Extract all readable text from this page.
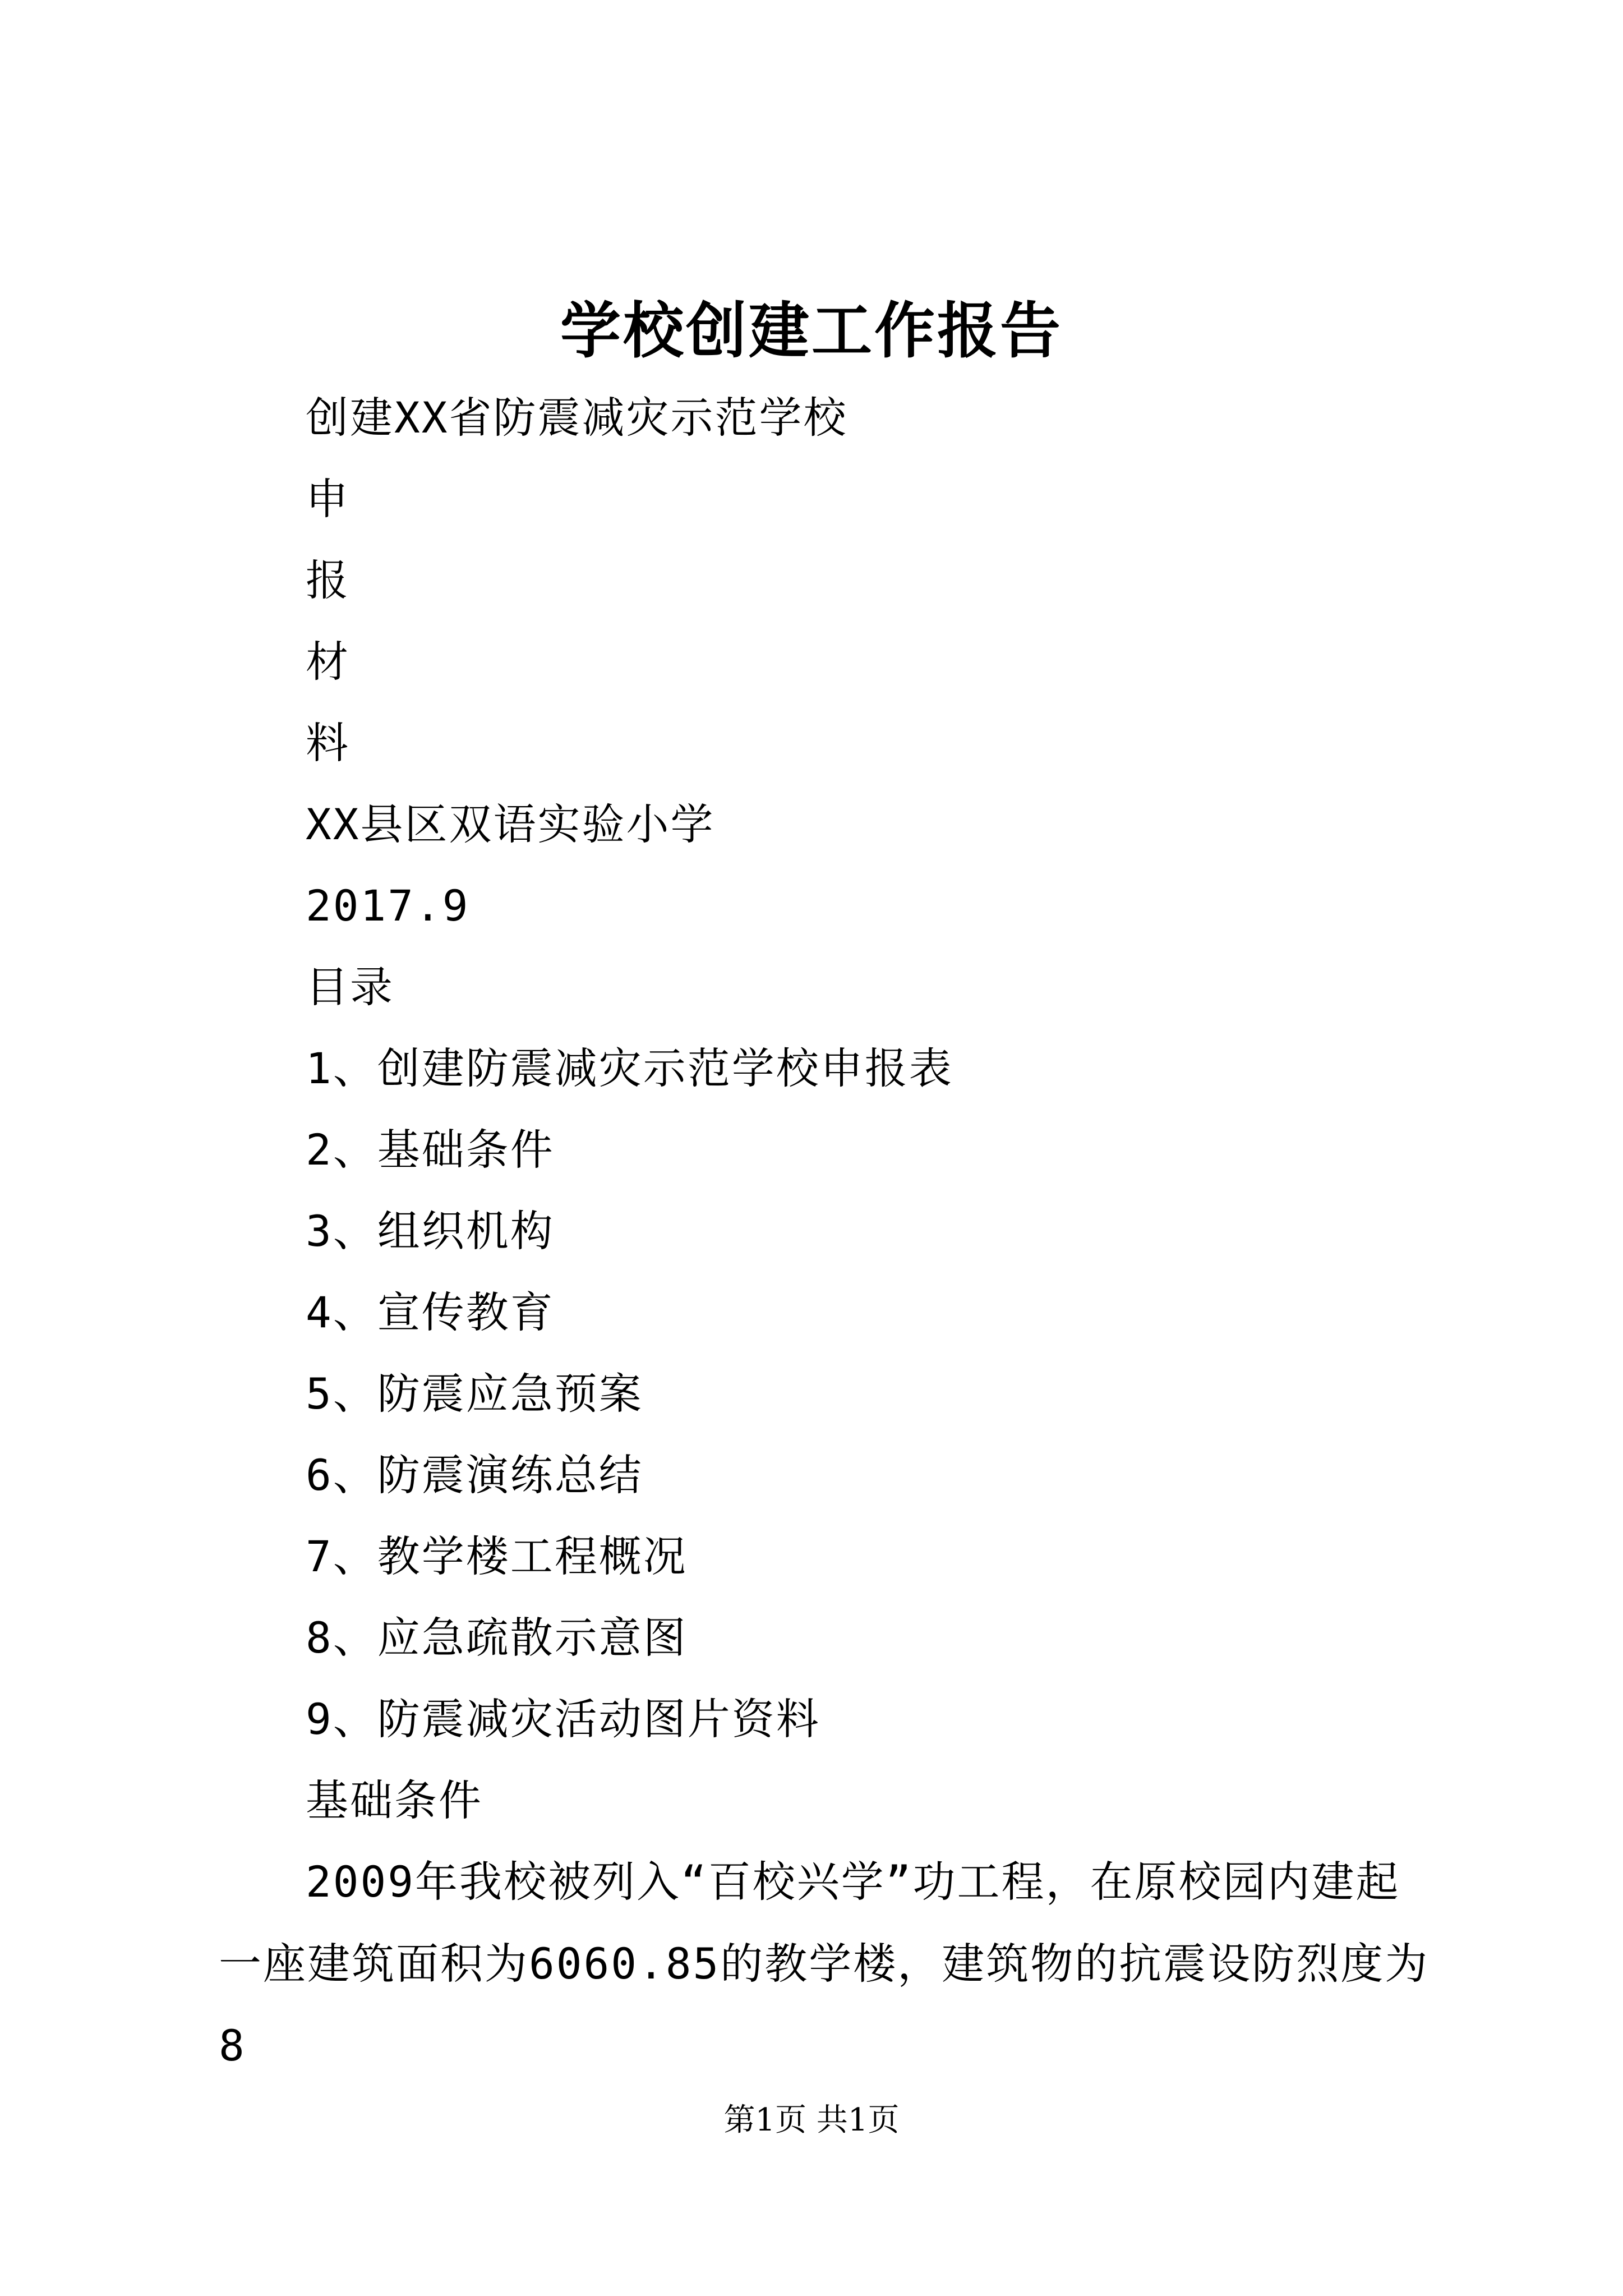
学校创建工作报告
创建XX省防震减灾示范学校
申
报
材
料
XX县区双语实验小学
2017.9
目录
1、创建防震减灾示范学校申报表
2、基础条件
3、组织机构
4、宣传教育
5、防震应急预案
6、防震演练总结
7、教学楼工程概况
8、应急疏散示意图
9、防震减灾活动图片资料
基础条件
2009年我校被列入“百校兴学”功工程，在原校园内建起一座建筑面积为6060.85的教学楼，建筑物的抗震设防烈度为8
第1页 共1页
